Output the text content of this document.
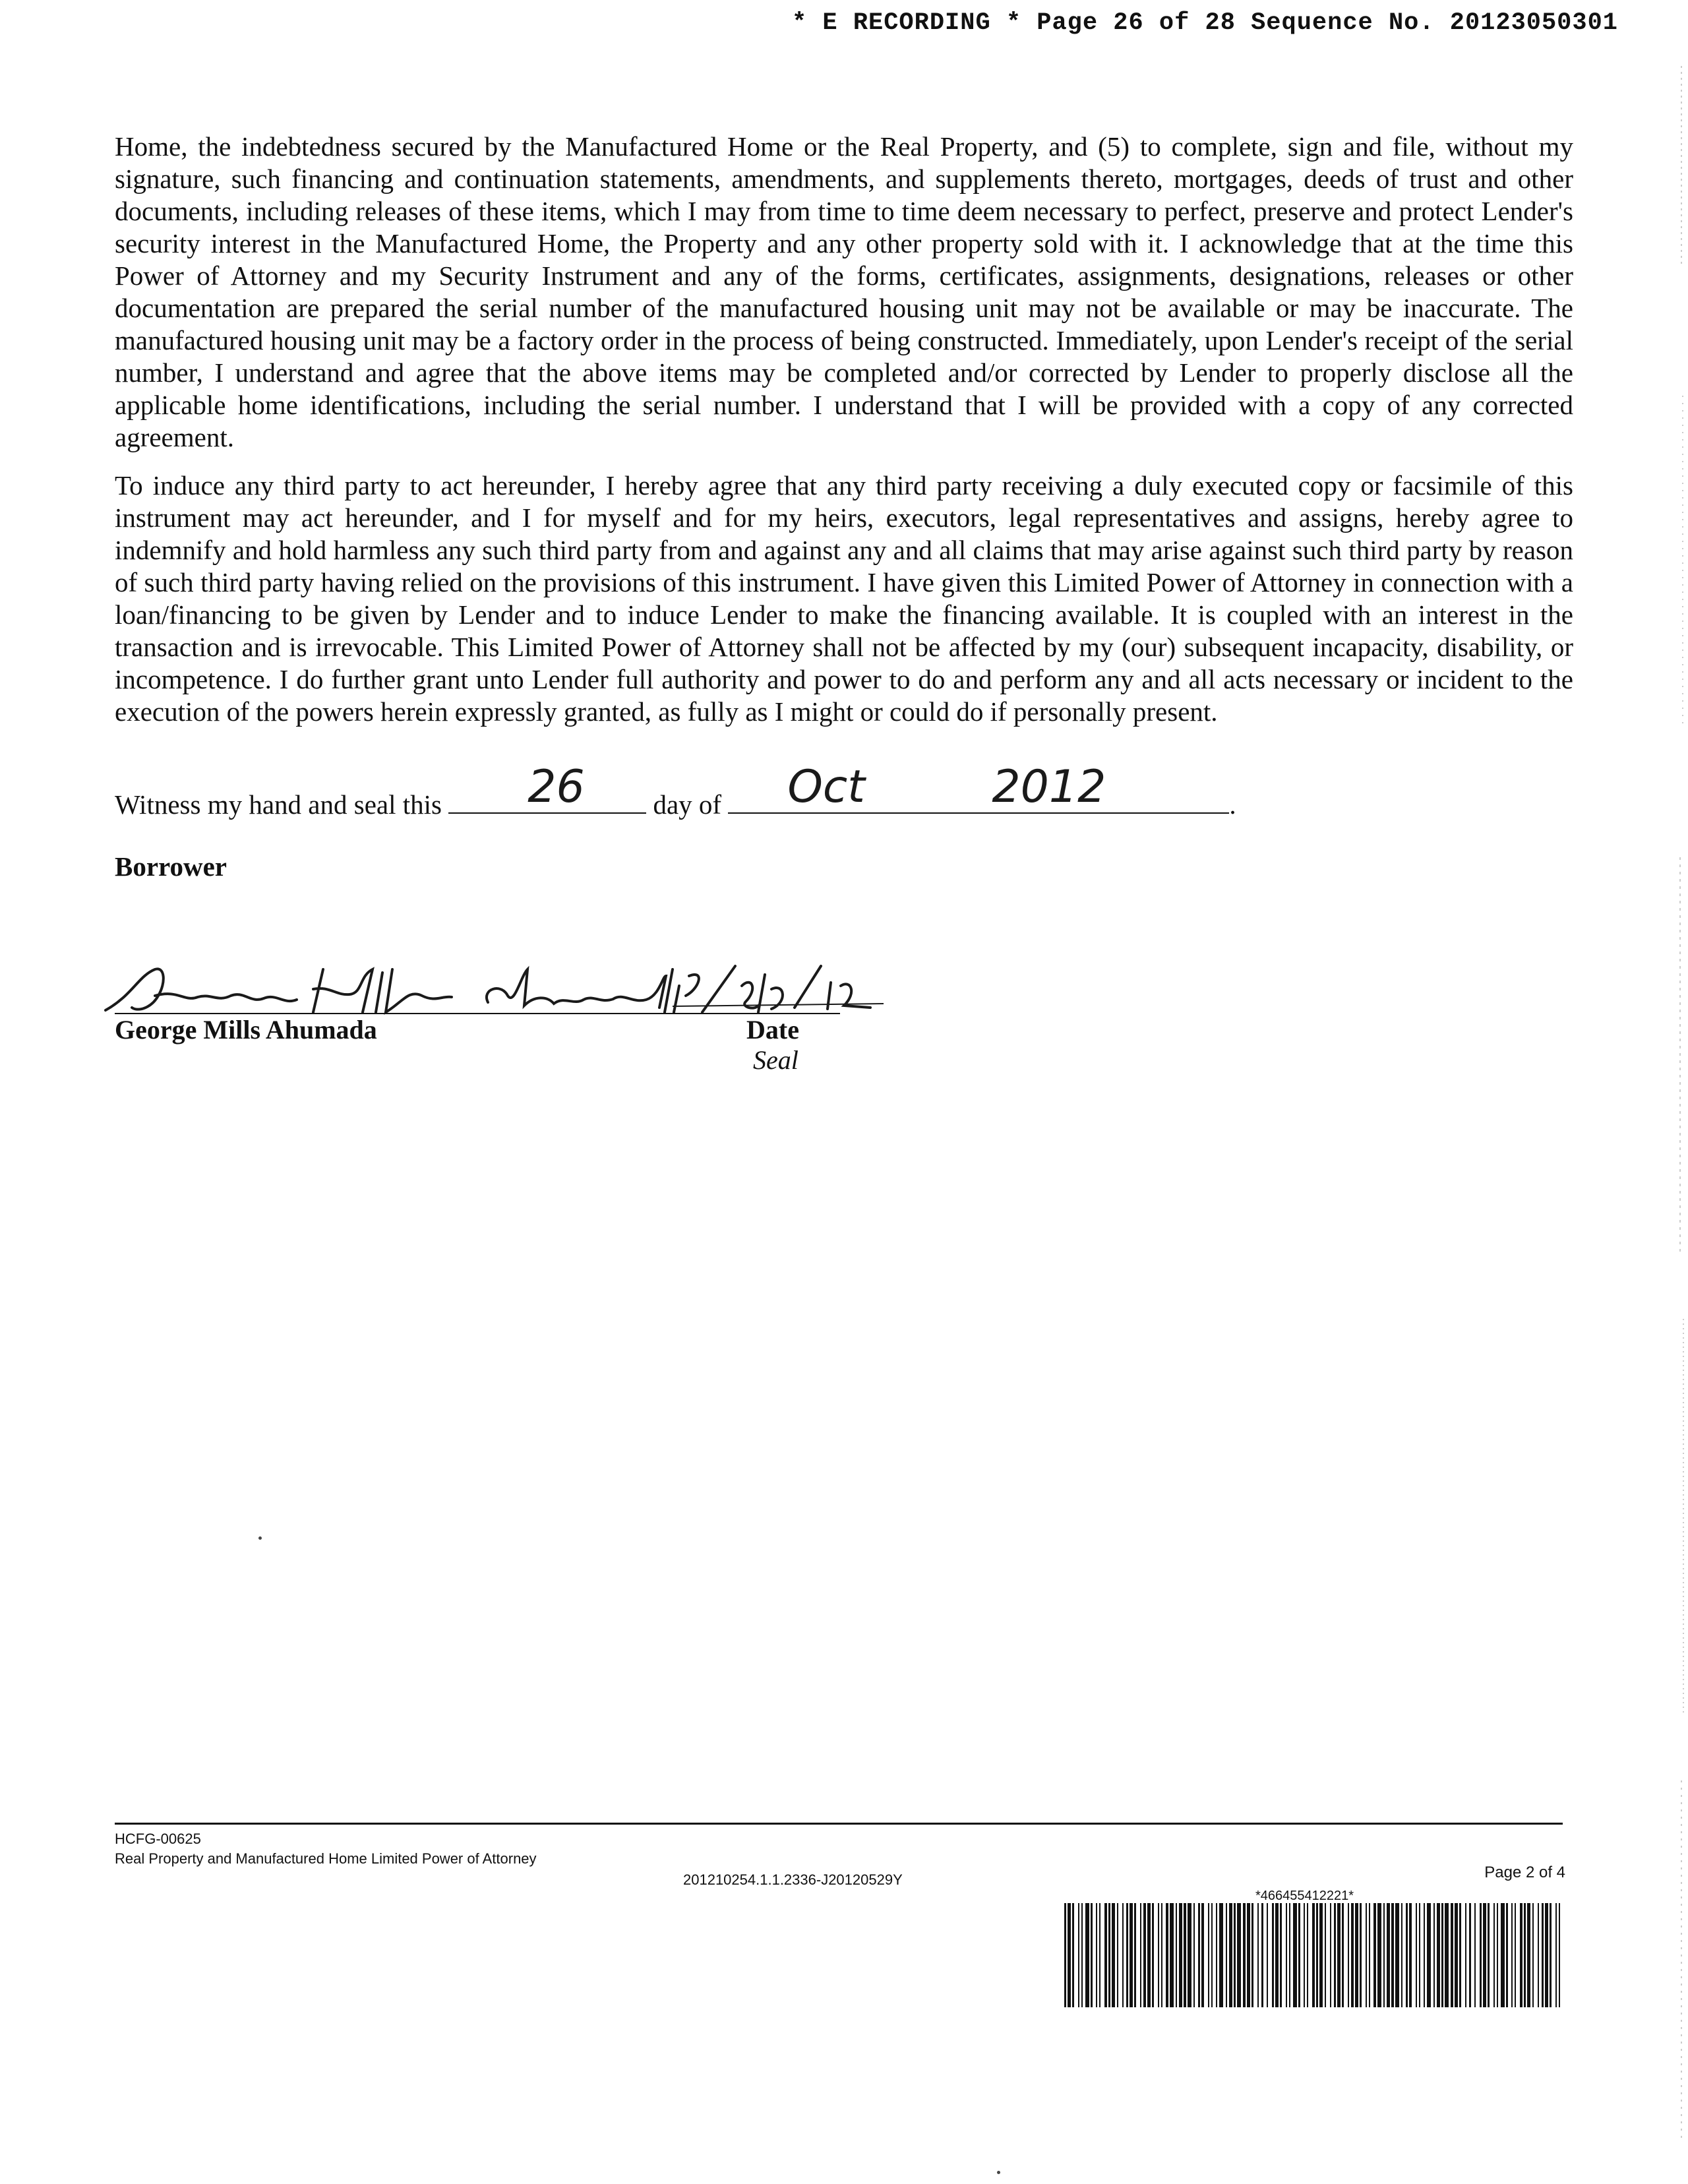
* E RECORDING * Page 26 of 28 Sequence No. 20123050301

Home, the indebtedness secured by the Manufactured Home or the Real Property, and (5) to complete, sign and file, without my signature, such financing and continuation statements, amendments, and supplements thereto, mortgages, deeds of trust and other documents, including releases of these items, which I may from time to time deem necessary to perfect, preserve and protect Lender's security interest in the Manufactured Home, the Property and any other property sold with it. I acknowledge that at the time this Power of Attorney and my Security Instrument and any of the forms, certificates, assignments, designations, releases or other documentation are prepared the serial number of the manufactured housing unit may not be available or may be inaccurate. The manufactured housing unit may be a factory order in the process of being constructed. Immediately, upon Lender's receipt of the serial number, I understand and agree that the above items may be completed and/or corrected by Lender to properly disclose all the applicable home identifications, including the serial number. I understand that I will be provided with a copy of any corrected agreement.

To induce any third party to act hereunder, I hereby agree that any third party receiving a duly executed copy or facsimile of this instrument may act hereunder, and I for myself and for my heirs, executors, legal representatives and assigns, hereby agree to indemnify and hold harmless any such third party from and against any and all claims that may arise against such third party by reason of such third party having relied on the provisions of this instrument. I have given this Limited Power of Attorney in connection with a loan/financing to be given by Lender and to induce Lender to make the financing available. It is coupled with an interest in the transaction and is irrevocable. This Limited Power of Attorney shall not be affected by my (our) subsequent incapacity, disability, or incompetence. I do further grant unto Lender full authority and power to do and perform any and all acts necessary or incident to the execution of the powers herein expressly granted, as fully as I might or could do if personally present.

Witness my hand and seal this 26	day of Oct	2012	.
Borrower
George Mills Ahumada	Date
Seal
HCFG-00625
Real Property and Manufactured Home Limited Power of Attorney
201210254.1.1.2336-J20120529Y	Page 2 of 4
*466455412221*
